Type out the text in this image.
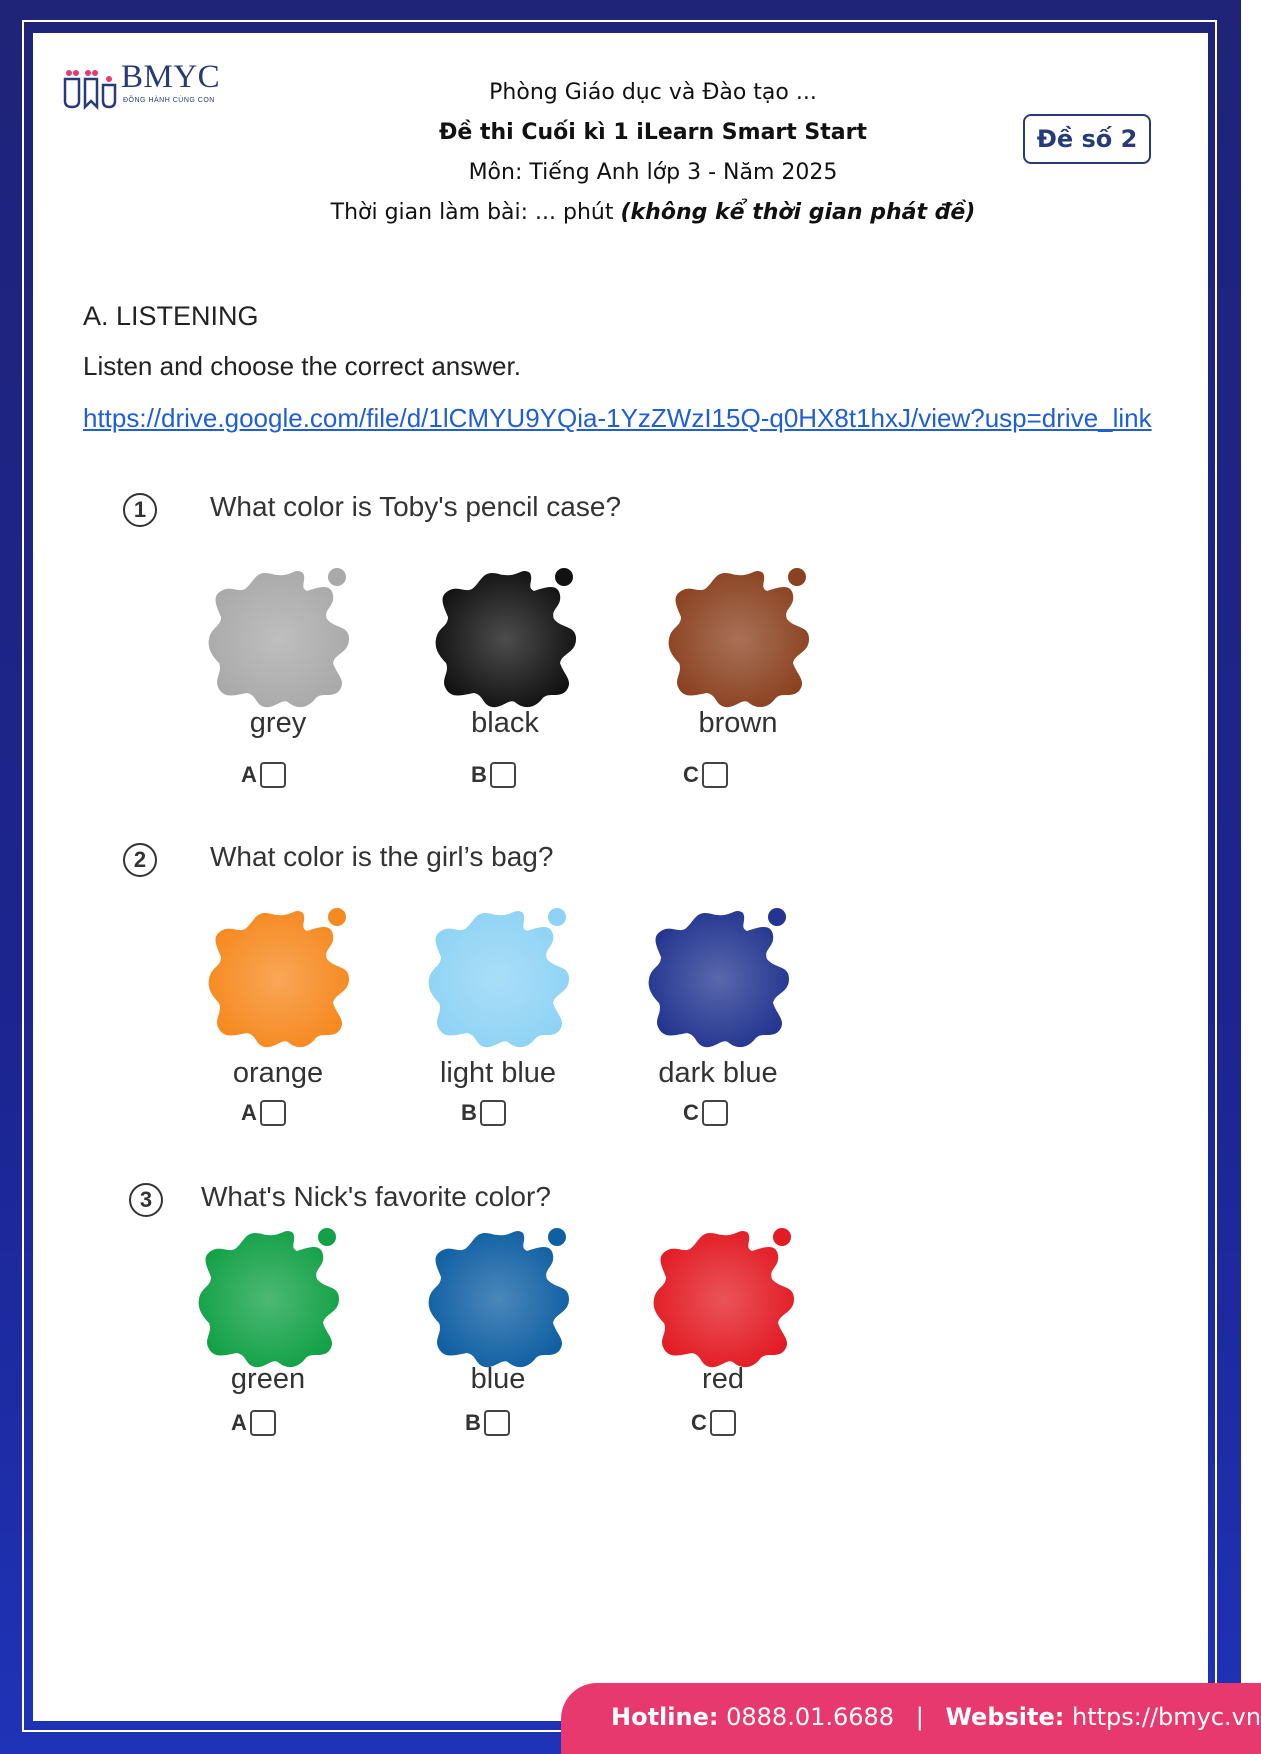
BMYC
ĐỒNG HÀNH CÙNG CON	Phòng Giáo dục và Đào tạo ...
Đề thi Cuối kì 1 iLearn Smart Start
Môn: Tiếng Anh lớp 3 - Năm 2025
Thời gian làm bài: ... phút (không kể thời gian phát đề)
Đề số 2
A. LISTENING
Listen and choose the correct answer.
https://drive.google.com/file/d/1lCMYU9YQia-1YzZWzI15Q-q0HX8t1hxJ/view?usp=drive_link
1	What color is Toby's pencil case?
grey
A
black
B
brown
C
2	What color is the girl’s bag?
orange
A
light blue
B
dark blue
C
3	What's Nick's favorite color?
green
A
blue
B
red
C
Hotline: 0888.01.6688 | Website: https://bmyc.vn
